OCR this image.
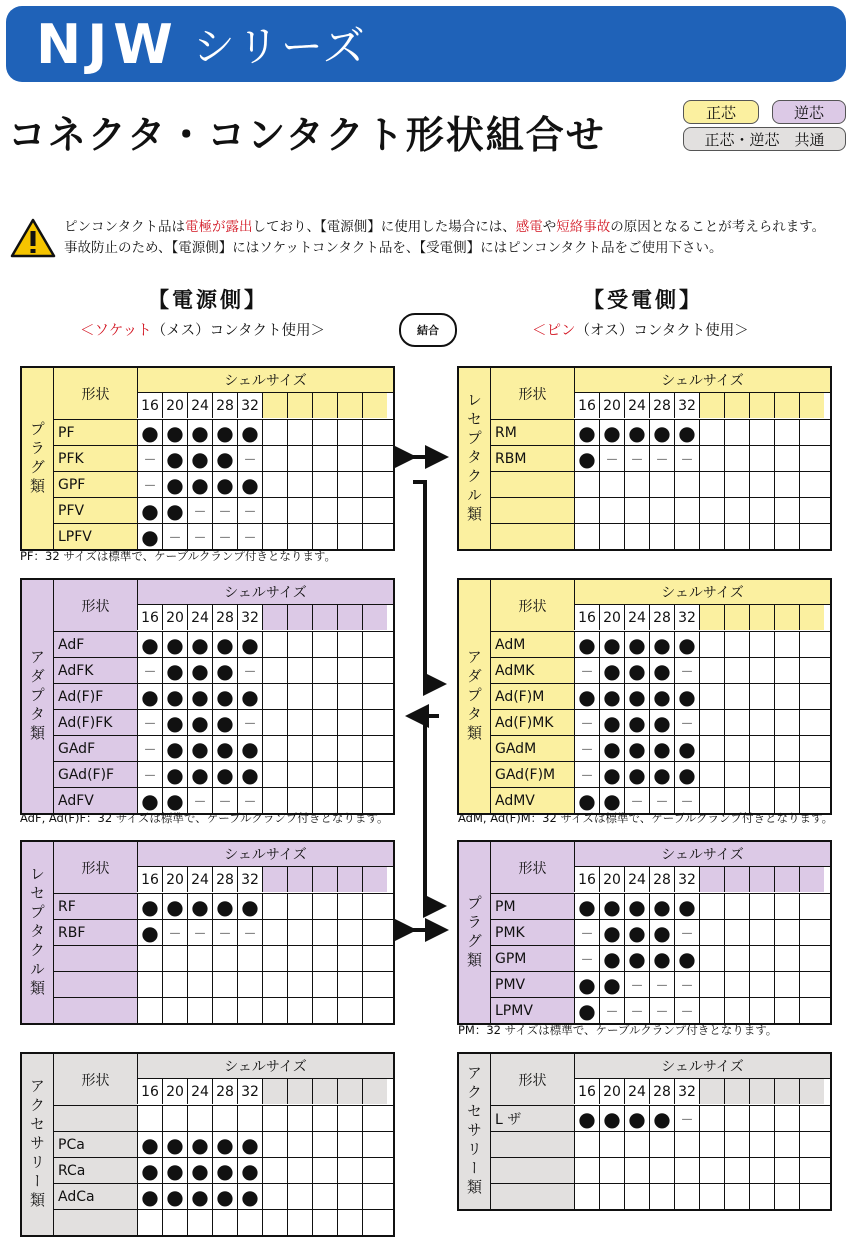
NJW シリーズ
コネクタ・コンタクト形状組合せ
正芯	逆芯
正芯・逆芯　共通
ピンコンタクト品は電極が露出しており、【電源側】に使用した場合には、感電や短絡事故の原因となることが考えられます。
事故防止のため、【電源側】にはソケットコンタクト品を、【受電側】にはピンコンタクト品をご使用下さい。
【電源側】
＜ソケット（メス）コンタクト使用＞
【受電側】
＜ピン（オス）コンタクト使用＞
結合
プラグ類
形状
シェルサイズ
16 20 24 28 32
PF	● ● ● ● ●
PFK	－ ● ● ● －
GPF	－ ● ● ● ●
PFV	● ● － － －
LPFV	● － － － －
アダプタ類
形状
シェルサイズ
16 20 24 28 32
AdF	● ● ● ● ●
AdFK	－ ● ● ● －
Ad(F)F	● ● ● ● ●
Ad(F)FK	－ ● ● ● －
GAdF	－ ● ● ● ●
GAd(F)F	－ ● ● ● ●
AdFV	● ● － － －
レセプタクル類	形状
シェルサイズ
16 20 24 28 32
RF	● ● ● ● ●
RBF	● － － － －
アクセサリー類	形状
シェルサイズ
16 20 24 28 32
PCa	● ● ● ● ●
RCa	● ● ● ● ●
AdCa	● ● ● ● ●
レセプタクル類	形状
シェルサイズ
16 20 24 28 32
RM	● ● ● ● ●
RBM	● － － － －
アダプタ類
形状
シェルサイズ
16 20 24 28 32
AdM	● ● ● ● ●
AdMK	－ ● ● ● －
Ad(F)M	● ● ● ● ●
Ad(F)MK	－ ● ● ● －
GAdM	－ ● ● ● ●
GAd(F)M	－ ● ● ● ●
AdMV	● ● － － －
プラグ類
形状
シェルサイズ
16 20 24 28 32
PM	● ● ● ● ●
PMK	－ ● ● ● －
GPM	－ ● ● ● ●
PMV	● ● － － －
LPMV	● － － － －
アクセサリー類	形状
シェルサイズ
16 20 24 28 32
L ザ	● ● ● ● －
PF：32 サイズは標準で、ケーブルクランプ付きとなります。
AdF, Ad(F)F：32 サイズは標準で、ケーブルクランプ付きとなります。	AdM, Ad(F)M：32 サイズは標準で、ケーブルクランプ付きとなります。
PM：32 サイズは標準で、ケーブルクランプ付きとなります。
